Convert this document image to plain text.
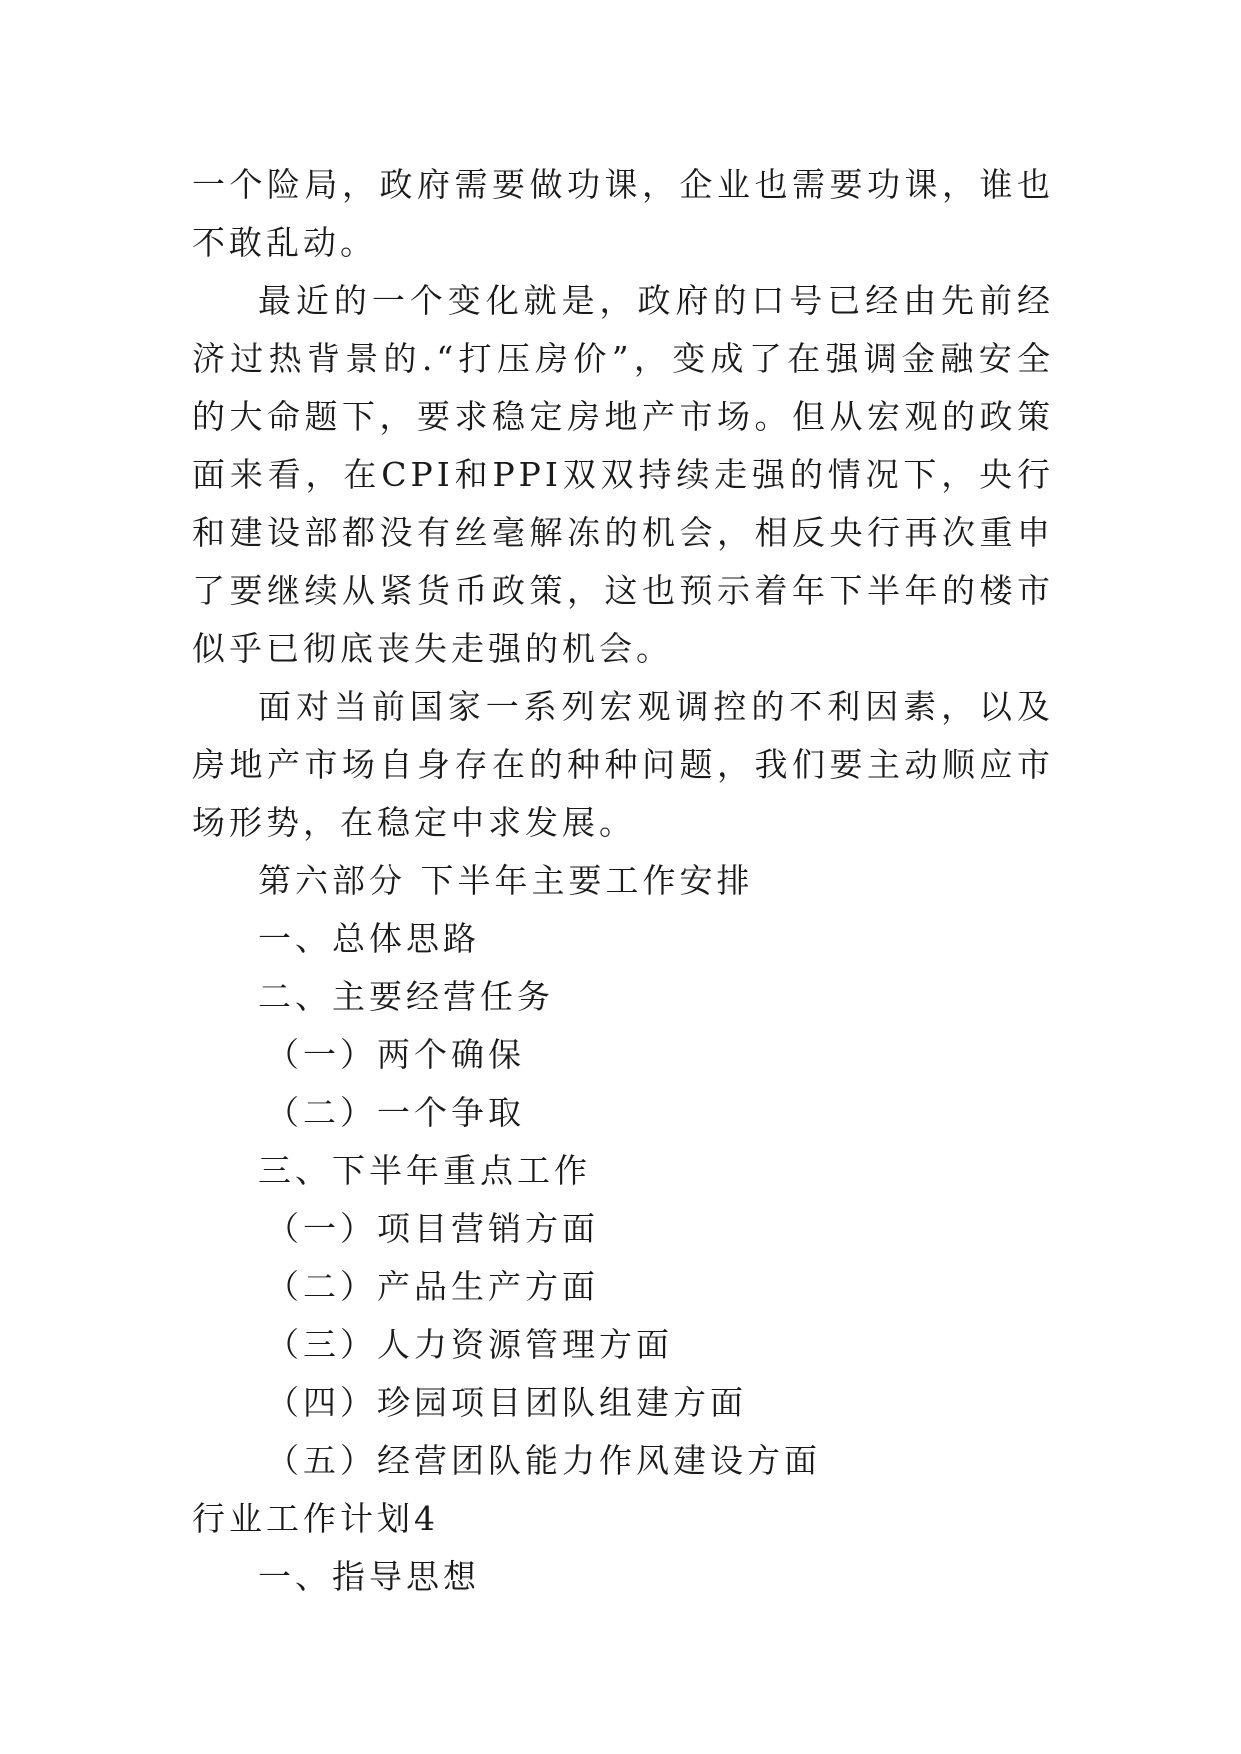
一个险局，政府需要做功课，企业也需要功课，谁也不敢乱动。

最近的一个变化就是，政府的口号已经由先前经济过热背景的.“打压房价”，变成了在强调金融安全的大命题下，要求稳定房地产市场。但从宏观的政策面来看，在CPI和PPI双双持续走强的情况下，央行和建设部都没有丝毫解冻的机会，相反央行再次重申了要继续从紧货币政策，这也预示着年下半年的楼市似乎已彻底丧失走强的机会。

面对当前国家一系列宏观调控的不利因素，以及房地产市场自身存在的种种问题，我们要主动顺应市场形势，在稳定中求发展。

第六部分 下半年主要工作安排
一、总体思路
二、主要经营任务
（一）两个确保
（二）一个争取
三、下半年重点工作
（一）项目营销方面
（二）产品生产方面
（三）人力资源管理方面
（四）珍园项目团队组建方面
（五）经营团队能力作风建设方面
行业工作计划4
一、指导思想
